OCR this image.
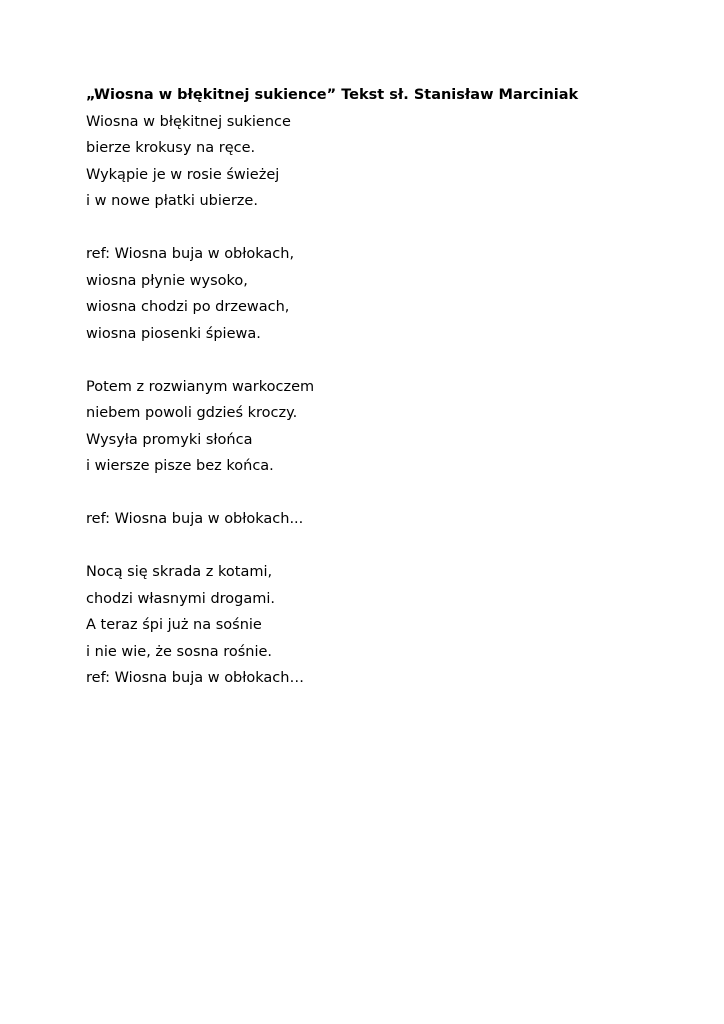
„Wiosna w błękitnej sukience” Tekst sł. Stanisław Marciniak
Wiosna w błękitnej sukience
bierze krokusy na ręce.
Wykąpie je w rosie świeżej
i w nowe płatki ubierze.
ref: Wiosna buja w obłokach,
wiosna płynie wysoko,
wiosna chodzi po drzewach,
wiosna piosenki śpiewa.
Potem z rozwianym warkoczem
niebem powoli gdzieś kroczy.
Wysyła promyki słońca
i wiersze pisze bez końca.
ref: Wiosna buja w obłokach...
Nocą się skrada z kotami,
chodzi własnymi drogami.
A teraz śpi już na sośnie
i nie wie, że sosna rośnie.
ref: Wiosna buja w obłokach…
